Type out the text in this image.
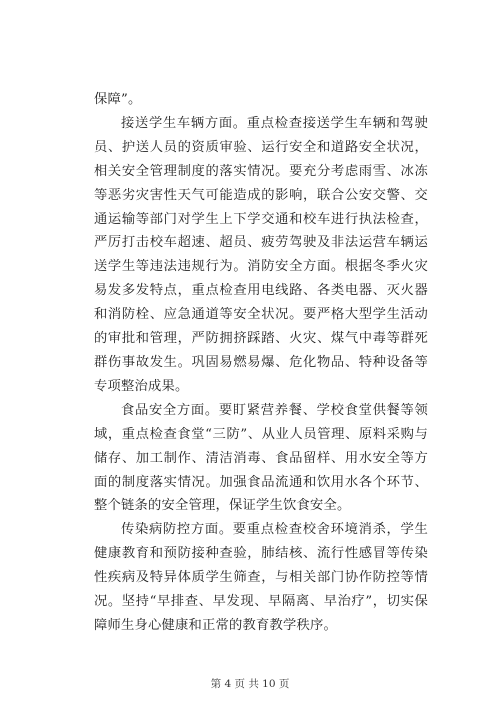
保障”。

接送学生车辆方面。重点检查接送学生车辆和驾驶员、护送人员的资质审验、运行安全和道路安全状况，相关安全管理制度的落实情况。要充分考虑雨雪、冰冻等恶劣灾害性天气可能造成的影响，联合公安交警、交通运输等部门对学生上下学交通和校车进行执法检查，严厉打击校车超速、超员、疲劳驾驶及非法运营车辆运送学生等违法违规行为。消防安全方面。根据冬季火灾易发多发特点，重点检查用电线路、各类电器、灭火器和消防栓、应急通道等安全状况。要严格大型学生活动的审批和管理，严防拥挤踩踏、火灾、煤气中毒等群死群伤事故发生。巩固易燃易爆、危化物品、特种设备等专项整治成果。

食品安全方面。要盯紧营养餐、学校食堂供餐等领域，重点检查食堂“三防”、从业人员管理、原料采购与储存、加工制作、清洁消毒、食品留样、用水安全等方面的制度落实情况。加强食品流通和饮用水各个环节、整个链条的安全管理，保证学生饮食安全。

传染病防控方面。要重点检查校舍环境消杀，学生健康教育和预防接种查验，肺结核、流行性感冒等传染性疾病及特异体质学生筛查，与相关部门协作防控等情况。坚持“早排查、早发现、早隔离、早治疗”，切实保障师生身心健康和正常的教育教学秩序。

第 4 页 共 10 页
